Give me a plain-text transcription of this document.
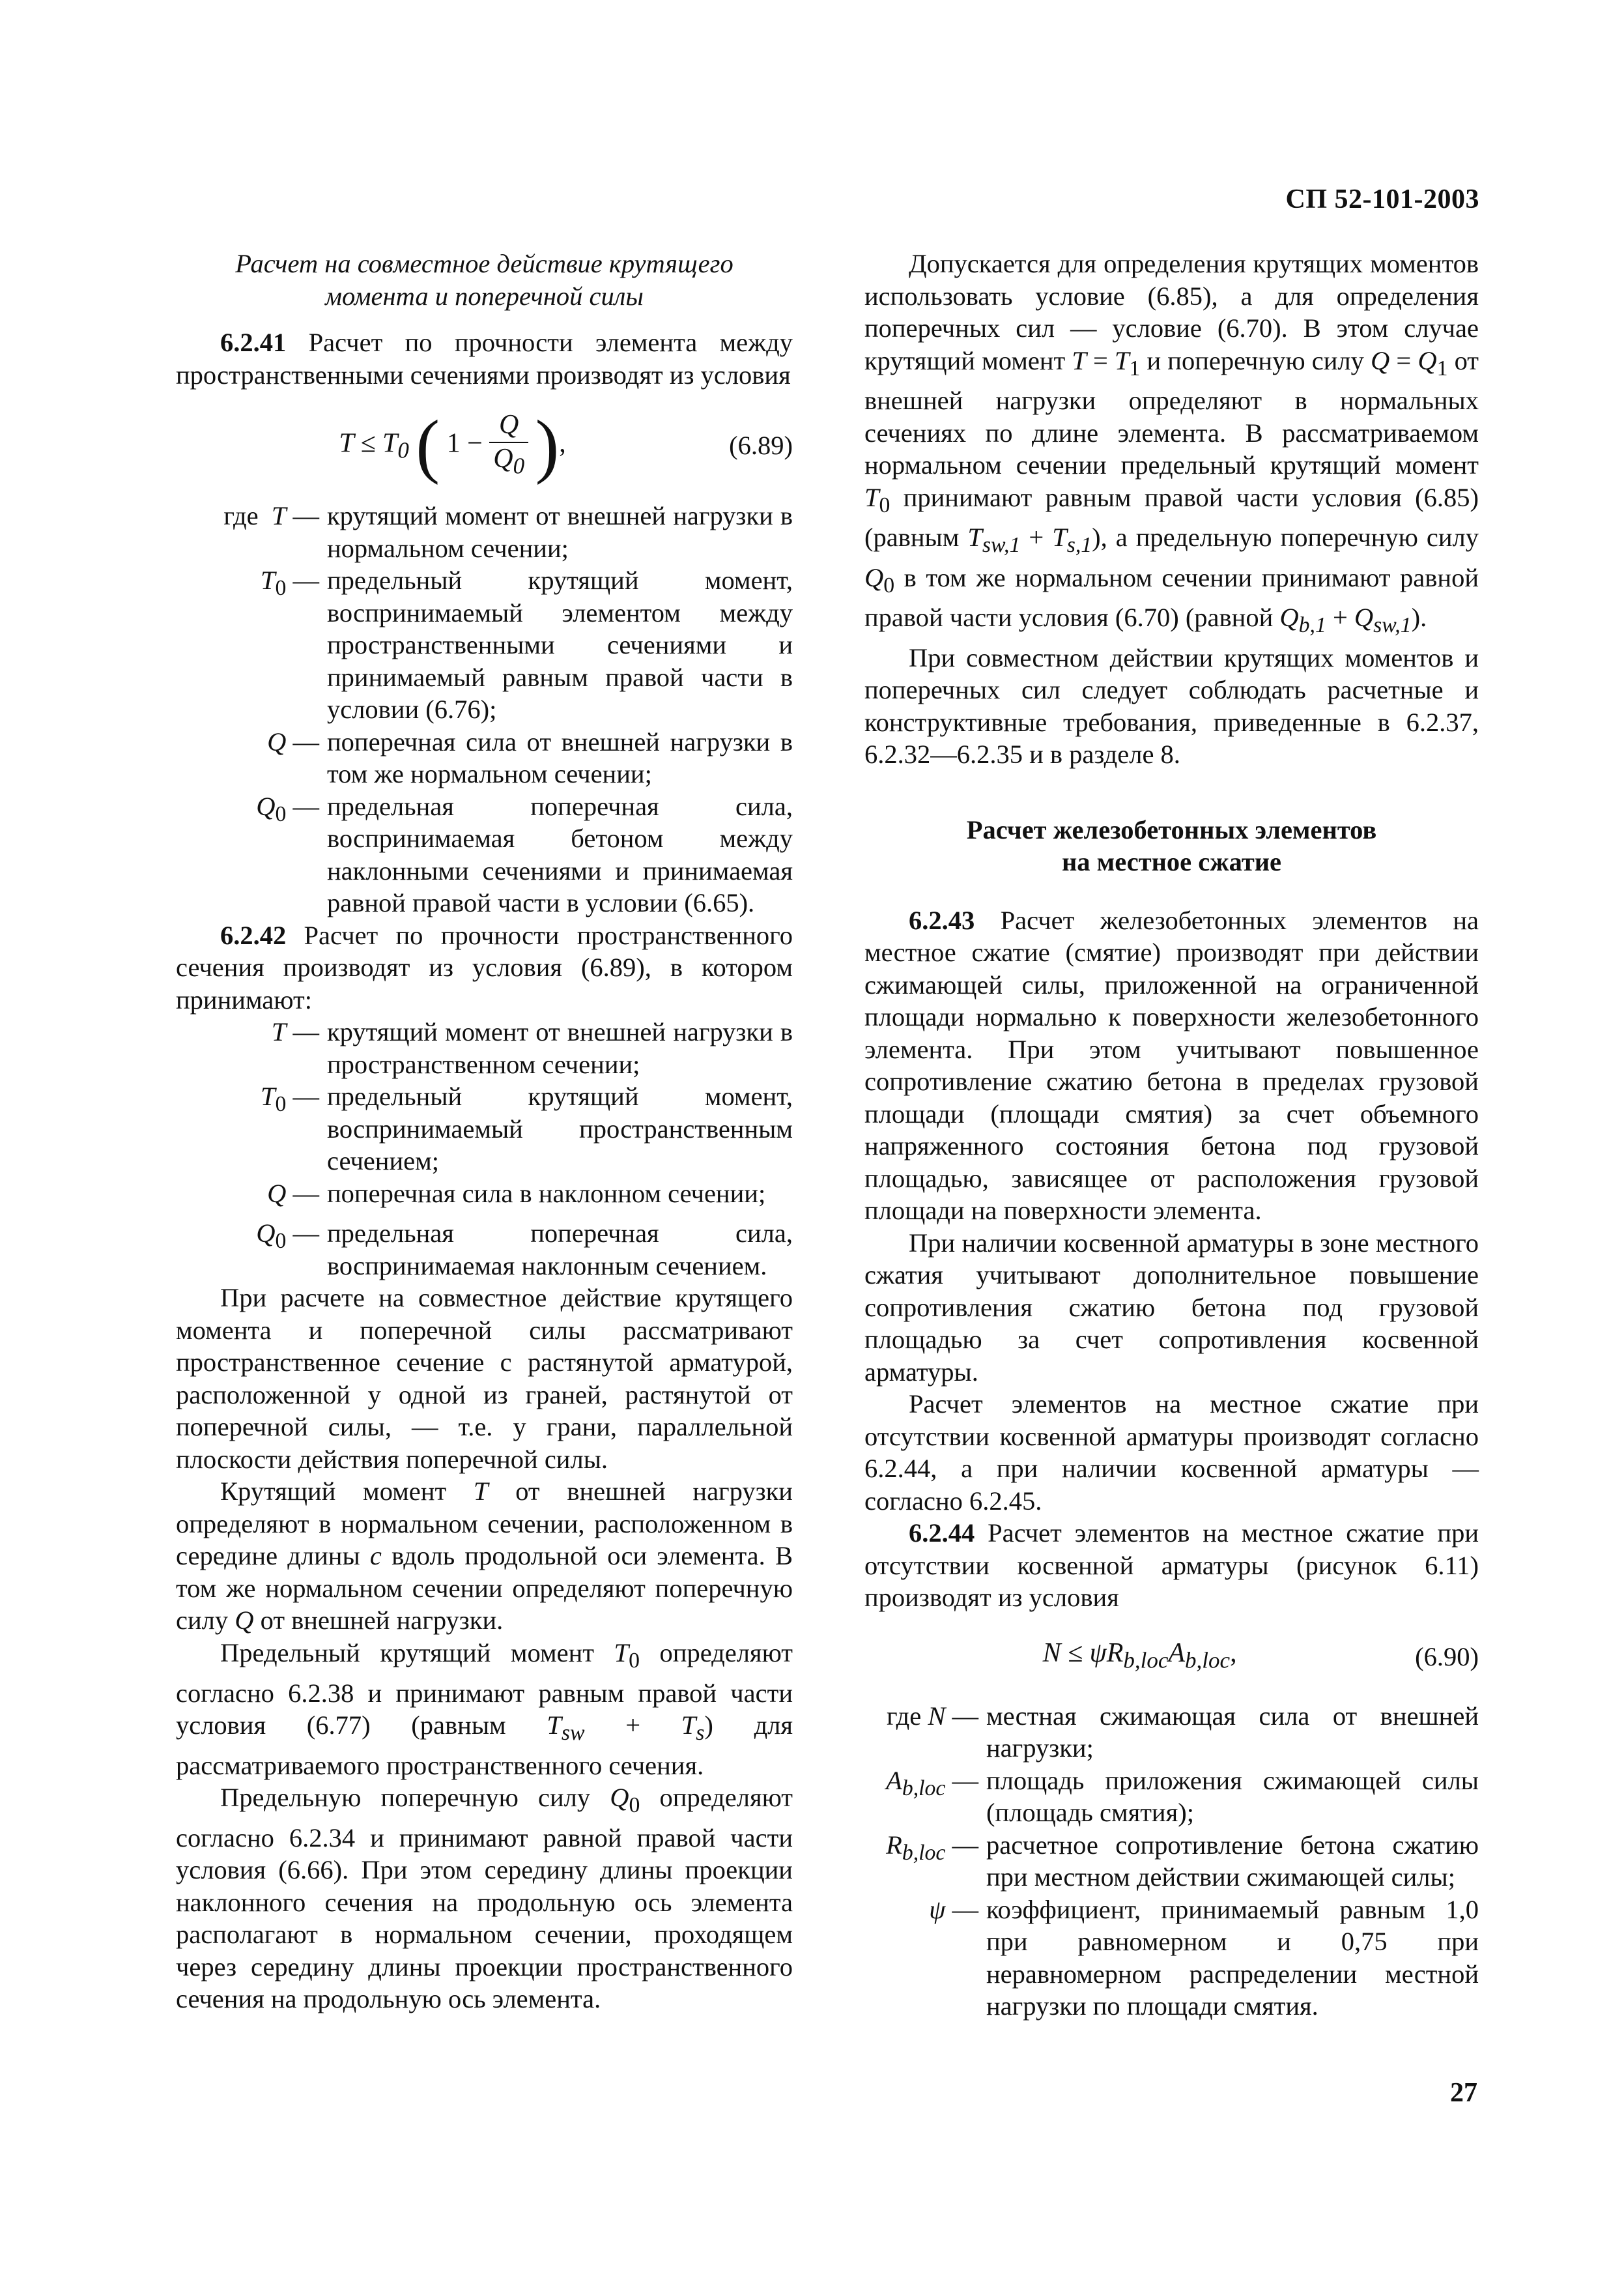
СП 52-101-2003

Расчет на совместное действие крутящего момента и поперечной силы

6.2.41 Расчет по прочности элемента между пространственными сечениями производят из условия

$T \le T_0$ ( $1 - \frac{Q}{Q_0}$ ),	(6.89)
где T —	крутящий момент от внешней нагрузки в нормальном сечении;
$T_0$ —	предельный крутящий момент, воспринимаемый элементом между пространственными сечениями и принимаемый равным правой части в условии (6.76);
Q —	поперечная сила от внешней нагрузки в том же нормальном сечении;
$Q_0$ —	предельная поперечная сила, воспринимаемая бетоном между наклонными сечениями и принимаемая равной правой части в условии (6.65).

6.2.42 Расчет по прочности пространственного сечения производят из условия (6.89), в котором принимают:

T —	крутящий момент от внешней нагрузки в пространственном сечении;
$T_0$ —	предельный крутящий момент, воспринимаемый пространственным сечением;
Q —	поперечная сила в наклонном сечении;
$Q_0$ —	предельная поперечная сила, воспринимаемая наклонным сечением.

При расчете на совместное действие крутящего момента и поперечной силы рассматривают пространственное сечение с растянутой арматурой, расположенной у одной из граней, растянутой от поперечной силы, — т.е. у грани, параллельной плоскости действия поперечной силы.

Крутящий момент T от внешней нагрузки определяют в нормальном сечении, расположенном в середине длины c вдоль продольной оси элемента. В том же нормальном сечении определяют поперечную силу Q от внешней нагрузки.

Предельный крутящий момент $T_0$ определяют согласно 6.2.38 и принимают равным правой части условия (6.77) (равным $T_{sw} + T_s$) для рассматриваемого пространственного сечения.

Предельную поперечную силу $Q_0$ определяют согласно 6.2.34 и принимают равной правой части условия (6.66). При этом середину длины проекции наклонного сечения на продольную ось элемента располагают в нормальном сечении, проходящем через середину длины проекции пространственного сечения на продольную ось элемента.

Допускается для определения крутящих моментов использовать условие (6.85), а для определения поперечных сил — условие (6.70). В этом случае крутящий момент $T = T_1$ и поперечную силу $Q = Q_1$ от внешней нагрузки определяют в нормальных сечениях по длине элемента. В рассматриваемом нормальном сечении предельный крутящий момент $T_0$ принимают равным правой части условия (6.85) (равным $T_{sw,1} + T_{s,1}$), а предельную поперечную силу $Q_0$ в том же нормальном сечении принимают равной правой части условия (6.70) (равной $Q_{b,1} + Q_{sw,1}$).

При совместном действии крутящих моментов и поперечных сил следует соблюдать расчетные и конструктивные требования, приведенные в 6.2.37, 6.2.32—6.2.35 и в разделе 8.

Расчет железобетонных элементов
на местное сжатие

6.2.43 Расчет железобетонных элементов на местное сжатие (смятие) производят при действии сжимающей силы, приложенной на ограниченной площади нормально к поверхности железобетонного элемента. При этом учитывают повышенное сопротивление сжатию бетона в пределах грузовой площади (площади смятия) за счет объемного напряженного состояния бетона под грузовой площадью, зависящее от расположения грузовой площади на поверхности элемента.

При наличии косвенной арматуры в зоне местного сжатия учитывают дополнительное повышение сопротивления сжатию бетона под грузовой площадью за счет сопротивления косвенной арматуры.

Расчет элементов на местное сжатие при отсутствии косвенной арматуры производят согласно 6.2.44, а при наличии косвенной арматуры — согласно 6.2.45.

6.2.44 Расчет элементов на местное сжатие при отсутствии косвенной арматуры (рисунок 6.11) производят из условия

$N \le \psi R_{b,loc}A_{b,loc}$,	(6.90)
где N —	местная сжимающая сила от внешней нагрузки;
$A_{b,loc}$ —	площадь приложения сжимающей силы (площадь смятия);
$R_{b,loc}$ —	расчетное сопротивление бетона сжатию при местном действии сжимающей силы;
ψ —	коэффициент, принимаемый равным 1,0 при равномерном и 0,75 при неравномерном распределении местной нагрузки по площади смятия.
27
